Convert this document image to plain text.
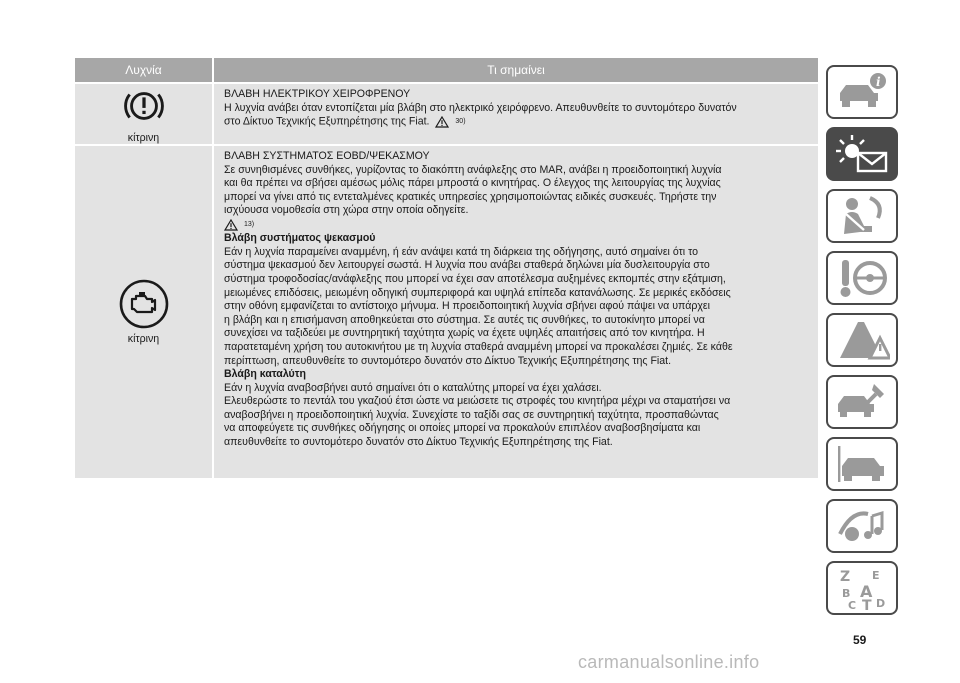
Λυχνία	Τι σημαίνει
κίτρινη
ΒΛΑΒΗ ΗΛΕΚΤΡΙΚΟΥ ΧΕΙΡΟΦΡΕΝΟΥ
Η λυχνία ανάβει όταν εντοπίζεται μία βλάβη στο ηλεκτρικό χειρόφρενο. Απευθυνθείτε το συντομότερο δυνατόν
στο Δίκτυο Τεχνικής Εξυπηρέτησης της Fiat.	30)
κίτρινη
ΒΛΑΒΗ ΣΥΣΤΗΜΑΤΟΣ EOBD/ΨΕΚΑΣΜΟΥ
Σε συνηθισμένες συνθήκες, γυρίζοντας το διακόπτη ανάφλεξης στο MAR, ανάβει η προειδοποιητική λυχνία
και θα πρέπει να σβήσει αμέσως μόλις πάρει μπροστά ο κινητήρας. Ο έλεγχος της λειτουργίας της λυχνίας
μπορεί να γίνει από τις εντεταλμένες κρατικές υπηρεσίες χρησιμοποιώντας ειδικές συσκευές. Τηρήστε την
ισχύουσα νομοθεσία στη χώρα στην οποία οδηγείτε.
13)
Βλάβη συστήματος ψεκασμού
Εάν η λυχνία παραμείνει αναμμένη, ή εάν ανάψει κατά τη διάρκεια της οδήγησης, αυτό σημαίνει ότι το
σύστημα ψεκασμού δεν λειτουργεί σωστά. Η λυχνία που ανάβει σταθερά δηλώνει μία δυσλειτουργία στο
σύστημα τροφοδοσίας/ανάφλεξης που μπορεί να έχει σαν αποτέλεσμα αυξημένες εκπομπές στην εξάτμιση,
μειωμένες επιδόσεις, μειωμένη οδηγική συμπεριφορά και υψηλά επίπεδα κατανάλωσης. Σε μερικές εκδόσεις
στην οθόνη εμφανίζεται το αντίστοιχο μήνυμα. Η προειδοποιητική λυχνία σβήνει αφού πάψει να υπάρχει
η βλάβη και η επισήμανση αποθηκεύεται στο σύστημα. Σε αυτές τις συνθήκες, το αυτοκίνητο μπορεί να
συνεχίσει να ταξιδεύει με συντηρητική ταχύτητα χωρίς να έχετε υψηλές απαιτήσεις από τον κινητήρα. Η
παρατεταμένη χρήση του αυτοκινήτου με τη λυχνία σταθερά αναμμένη μπορεί να προκαλέσει ζημιές. Σε κάθε
περίπτωση, απευθυνθείτε το συντομότερο δυνατόν στο Δίκτυο Τεχνικής Εξυπηρέτησης της Fiat.
Βλάβη καταλύτη
Εάν η λυχνία αναβοσβήνει αυτό σημαίνει ότι ο καταλύτης μπορεί να έχει χαλάσει.
Ελευθερώστε το πεντάλ του γκαζιού έτσι ώστε να μειώσετε τις στροφές του κινητήρα μέχρι να σταματήσει να
αναβοσβήνει η προειδοποιητική λυχνία. Συνεχίστε το ταξίδι σας σε συντηρητική ταχύτητα, προσπαθώντας
να αποφεύγετε τις συνθήκες οδήγησης οι οποίες μπορεί να προκαλούν επιπλέον αναβοσβησίματα και
απευθυνθείτε το συντομότερο δυνατόν στο Δίκτυο Τεχνικής Εξυπηρέτησης της Fiat.
i
Z E
B A
C T D
59
carmanualsonline.info
